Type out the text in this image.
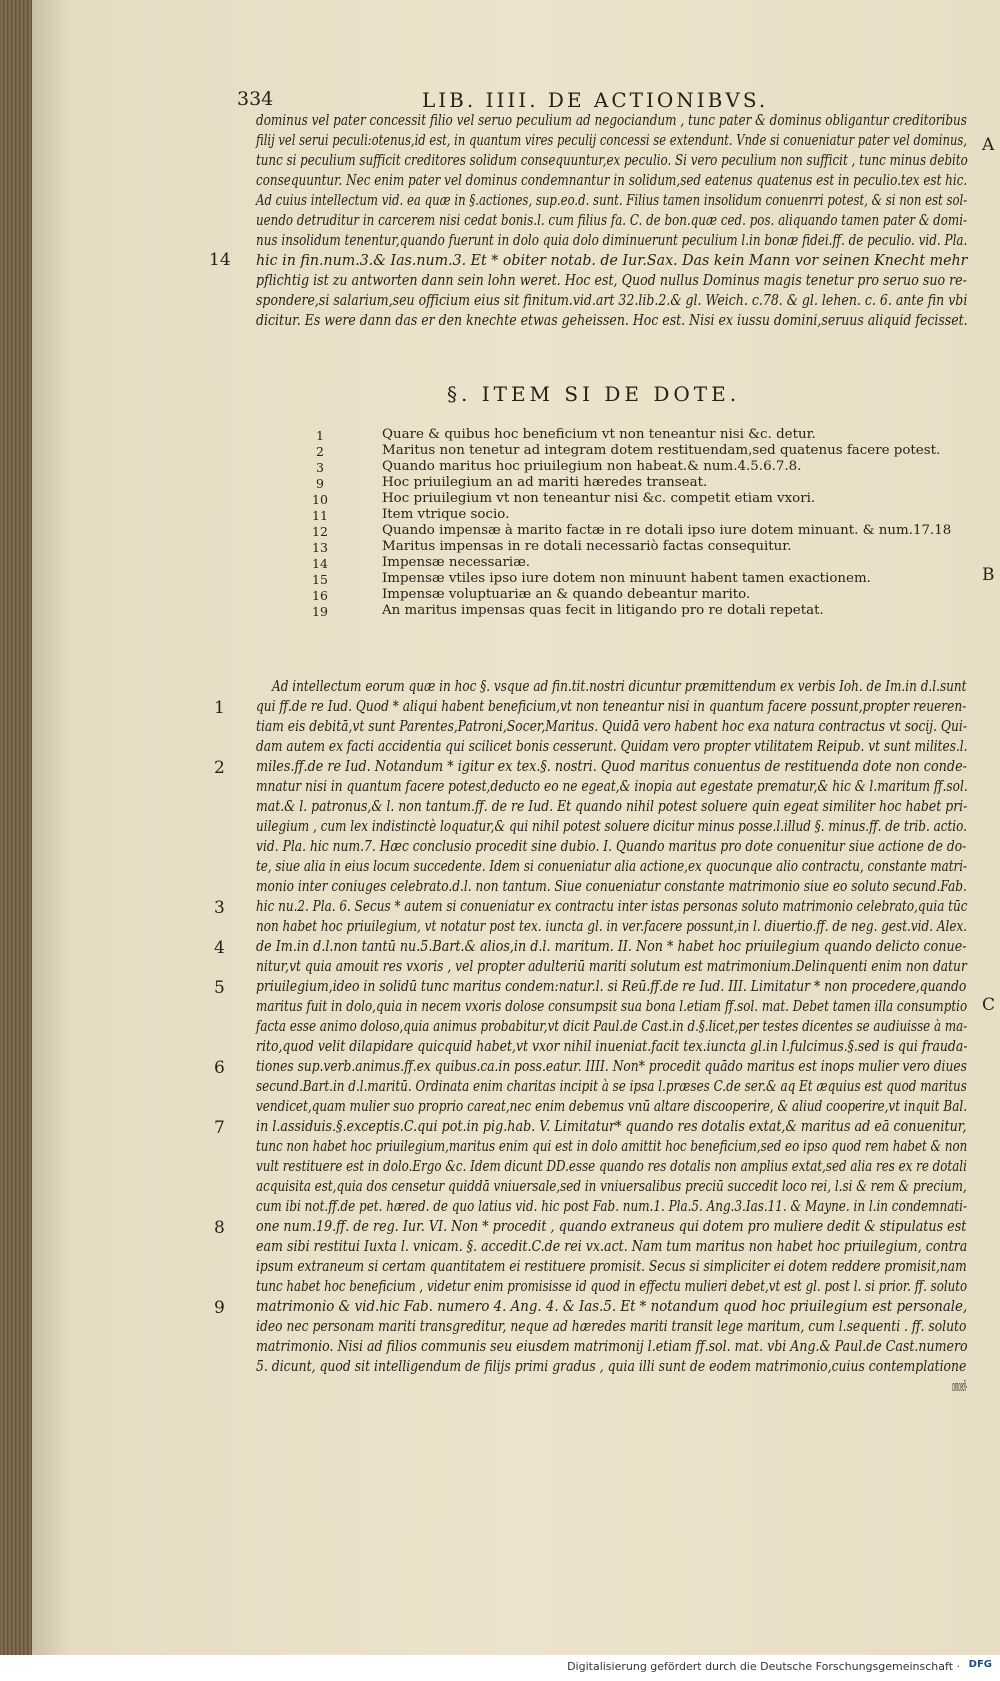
334	LIB. IIII. DE ACTIONIBVS.
A
B
C
dominus vel pater concessit filio vel seruo peculium ad negociandum , tunc pater & dominus obligantur creditoribus
filij vel serui peculi:otenus,id est, in quantum vires peculij concessi se extendunt. Vnde si conueniatur pater vel dominus,
tunc si peculium sufficit creditores solidum consequuntur,ex peculio. Si vero peculium non sufficit , tunc minus debito
consequuntur. Nec enim pater vel dominus condemnantur in solidum,sed eatenus quatenus est in peculio.tex est hic.
Ad cuius intellectum vid. ea quæ in §.actiones, sup.eo.d. sunt. Filius tamen insolidum conuenrri potest, & si non est sol-
uendo detruditur in carcerem nisi cedat bonis.l. cum filius fa. C. de bon.quæ ced. pos. aliquando tamen pater & domi-
nus insolidum tenentur,quando fuerunt in dolo quia dolo diminuerunt peculium l.in bonæ fidei.ff. de peculio. vid. Pla.
hic in fin.num.3.& Ias.num.3. Et * obiter notab. de Iur.Sax. Das kein Mann vor seinen Knecht mehr
pflichtig ist zu antworten dann sein lohn weret. Hoc est, Quod nullus Dominus magis tenetur pro seruo suo re-
spondere,si salarium,seu officium eius sit finitum.vid.art 32.lib.2.& gl. Weich. c.78. & gl. lehen. c. 6. ante fin vbi
dicitur. Es were dann das er den knechte etwas geheissen. Hoc est. Nisi ex iussu domini,seruus aliquid fecisset.
14
§. ITEM SI DE DOTE.
1	Quare & quibus hoc beneficium vt non teneantur nisi &c. detur.
2	Maritus non tenetur ad integram dotem restituendam,sed quatenus facere potest.
3	Quando maritus hoc priuilegium non habeat.& num.4.5.6.7.8.
9	Hoc priuilegium an ad mariti hæredes transeat.
10	Hoc priuilegium vt non teneantur nisi &c. competit etiam vxori.
11	Item vtrique socio.
12	Quando impensæ à marito factæ in re dotali ipso iure dotem minuant. & num.17.18
13	Maritus impensas in re dotali necessariò factas consequitur.
14	Impensæ necessariæ.
15	Impensæ vtiles ipso iure dotem non minuunt habent tamen exactionem.
16	Impensæ voluptuariæ an & quando debeantur marito.
19	An maritus impensas quas fecit in litigando pro re dotali repetat.
Ad intellectum eorum quæ in hoc §. vsque ad fin.tit.nostri dicuntur præmittendum ex verbis Ioh. de Im.in d.l.sunt
qui ff.de re Iud. Quod * aliqui habent beneficium,vt non teneantur nisi in quantum facere possunt,propter reueren-
tiam eis debitā,vt sunt Parentes,Patroni,Socer,Maritus. Quidā vero habent hoc exa natura contractus vt socij. Qui-
dam autem ex facti accidentia qui scilicet bonis cesserunt. Quidam vero propter vtilitatem Reipub. vt sunt milites.l.
miles.ff.de re Iud. Notandum * igitur ex tex.§. nostri. Quod maritus conuentus de restituenda dote non conde-
mnatur nisi in quantum facere potest,deducto eo ne egeat,& inopia aut egestate prematur,& hic & l.maritum ff.sol.
mat.& l. patronus,& l. non tantum.ff. de re Iud. Et quando nihil potest soluere quin egeat similiter hoc habet pri-
uilegium , cum lex indistinctè loquatur,& qui nihil potest soluere dicitur minus posse.l.illud §. minus.ff. de trib. actio.
vid. Pla. hic num.7. Hæc conclusio procedit sine dubio. I. Quando maritus pro dote conuenitur siue actione de do-
te, siue alia in eius locum succedente. Idem si conueniatur alia actione,ex quocunque alio contractu, constante matri-
monio inter coniuges celebrato.d.l. non tantum. Siue conueniatur constante matrimonio siue eo soluto secund.Fab.
hic nu.2. Pla. 6. Secus * autem si conueniatur ex contractu inter istas personas soluto matrimonio celebrato,quia tūc
non habet hoc priuilegium, vt notatur post tex. iuncta gl. in ver.facere possunt,in l. diuertio.ff. de neg. gest.vid. Alex.
de Im.in d.l.non tantū nu.5.Bart.& alios,in d.l. maritum. II. Non * habet hoc priuilegium quando delicto conue-
nitur,vt quia amouit res vxoris , vel propter adulteriū mariti solutum est matrimonium.Delinquenti enim non datur
priuilegium,ideo in solidū tunc maritus condem:natur.l. si Reū.ff.de re Iud. III. Limitatur * non procedere,quando
maritus fuit in dolo,quia in necem vxoris dolose consumpsit sua bona l.etiam ff.sol. mat. Debet tamen illa consumptio
facta esse animo doloso,quia animus probabitur,vt dicit Paul.de Cast.in d.§.licet,per testes dicentes se audiuisse à ma-
rito,quod velit dilapidare quicquid habet,vt vxor nihil inueniat.facit tex.iuncta gl.in l.fulcimus.§.sed is qui frauda-
tiones sup.verb.animus.ff.ex quibus.ca.in poss.eatur. IIII. Non* procedit quādo maritus est inops mulier vero diues
secund.Bart.in d.l.maritū. Ordinata enim charitas incipit à se ipsa l.præses C.de ser.& aq Et æquius est quod maritus
vendicet,quam mulier suo proprio careat,nec enim debemus vnū altare discooperire, & aliud cooperire,vt inquit Bal.
in l.assiduis.§.exceptis.C.qui pot.in pig.hab. V. Limitatur* quando res dotalis extat,& maritus ad eā conuenitur,
tunc non habet hoc priuilegium,maritus enim qui est in dolo amittit hoc beneficium,sed eo ipso quod rem habet & non
vult restituere est in dolo.Ergo &c. Idem dicunt DD.esse quando res dotalis non amplius extat,sed alia res ex re dotali
acquisita est,quia dos censetur quiddā vniuersale,sed in vniuersalibus preciū succedit loco rei, l.si & rem & precium,
cum ibi not.ff.de pet. hæred. de quo latius vid. hic post Fab. num.1. Pla.5. Ang.3.Ias.11. & Mayne. in l.in condemnati-
one num.19.ff. de reg. Iur. VI. Non * procedit , quando extraneus qui dotem pro muliere dedit & stipulatus est
eam sibi restitui Iuxta l. vnicam. §. accedit.C.de rei vx.act. Nam tum maritus non habet hoc priuilegium, contra
ipsum extraneum si certam quantitatem ei restituere promisit. Secus si simpliciter ei dotem reddere promisit,nam
tunc habet hoc beneficium , videtur enim promisisse id quod in effectu mulieri debet,vt est gl. post l. si prior. ff. soluto
matrimonio & vid.hic Fab. numero 4. Ang. 4. & Ias.5. Et * notandum quod hoc priuilegium est personale,
ideo nec personam mariti transgreditur, neque ad hæredes mariti transit lege maritum, cum l.sequenti . ff. soluto
matrimonio. Nisi ad filios communis seu eiusdem matrimonij l.etiam ff.sol. mat. vbi Ang.& Paul.de Cast.numero
5. dicunt, quod sit intelligendum de filijs primi gradus , quia illi sunt de eodem matrimonio,cuius contemplatione
concedi-
1
2
3
4
5
6
7
8
9
Digitalisierung gefördert durch die Deutsche Forschungsgemeinschaft · DFG
